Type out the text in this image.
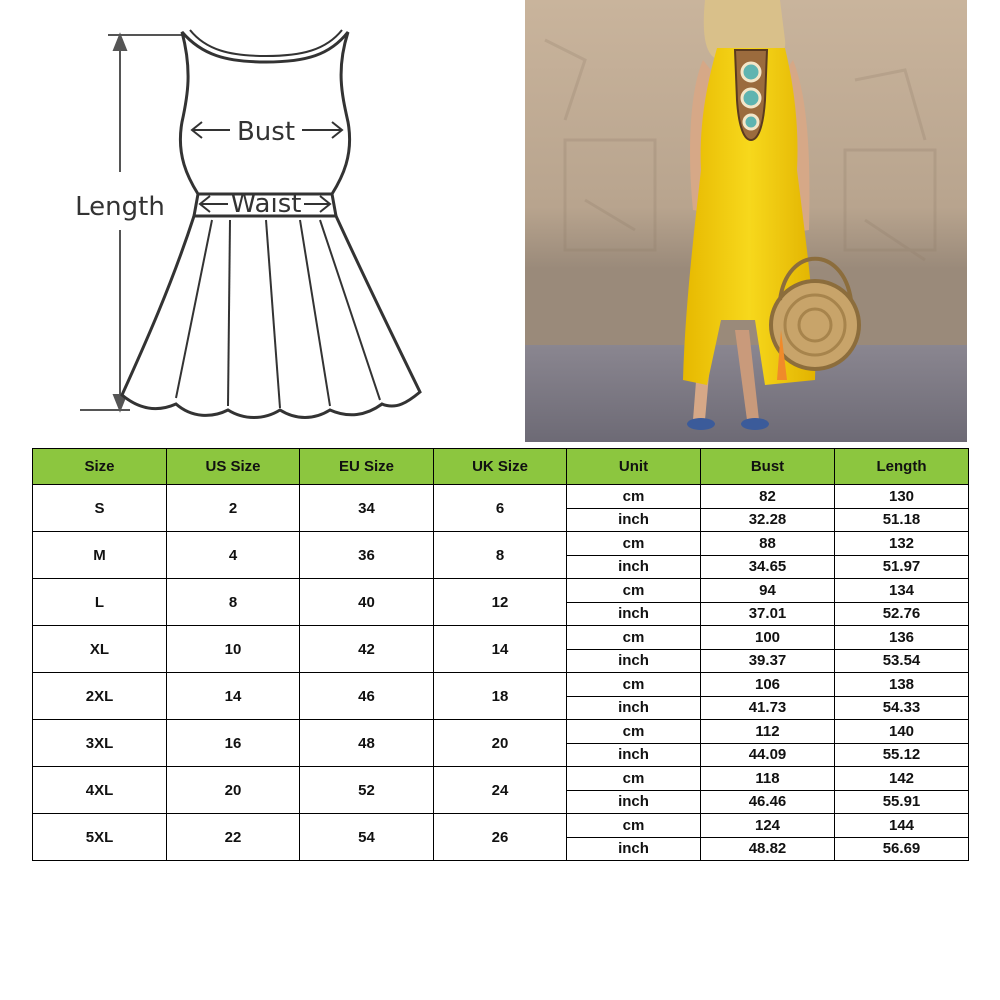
Length
Bust
Waist
Size	US Size	EU Size	UK Size	Unit	Bust	Length
S	2	34	6	cm	82	130
				inch	32.28	51.18
M	4	36	8	cm	88	132
				inch	34.65	51.97
L	8	40	12	cm	94	134
				inch	37.01	52.76
XL	10	42	14	cm	100	136
				inch	39.37	53.54
2XL	14	46	18	cm	106	138
				inch	41.73	54.33
3XL	16	48	20	cm	112	140
				inch	44.09	55.12
4XL	20	52	24	cm	118	142
				inch	46.46	55.91
5XL	22	54	26	cm	124	144
				inch	48.82	56.69
